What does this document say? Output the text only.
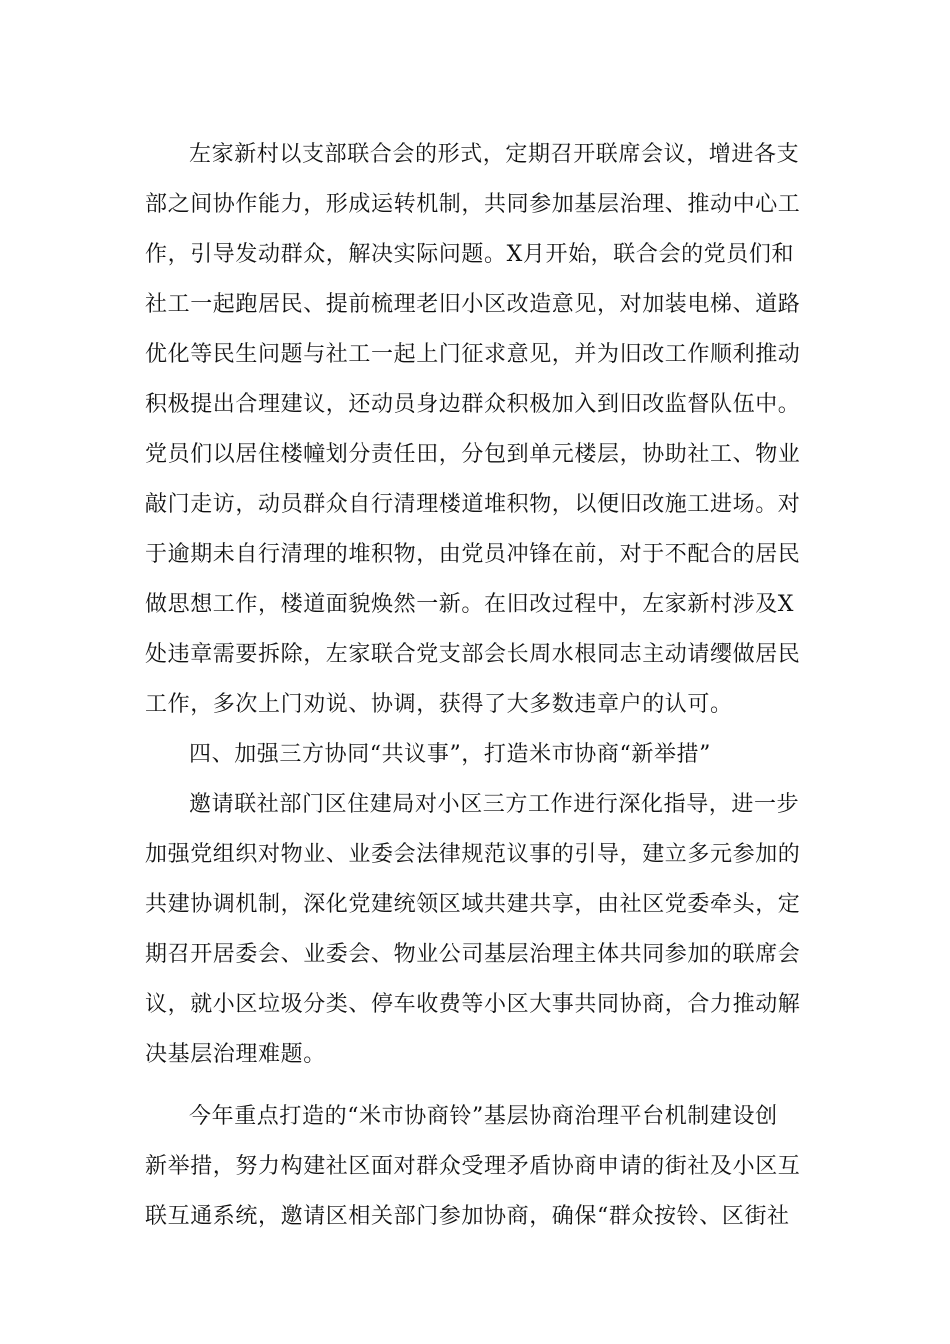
左家新村以支部联合会的形式，定期召开联席会议，增进各支
部之间协作能力，形成运转机制，共同参加基层治理、推动中心工
作，引导发动群众，解决实际问题。X月开始，联合会的党员们和
社工一起跑居民、提前梳理老旧小区改造意见，对加装电梯、道路
优化等民生问题与社工一起上门征求意见，并为旧改工作顺利推动
积极提出合理建议，还动员身边群众积极加入到旧改监督队伍中。
党员们以居住楼幢划分责任田，分包到单元楼层，协助社工、物业
敲门走访，动员群众自行清理楼道堆积物，以便旧改施工进场。对
于逾期未自行清理的堆积物，由党员冲锋在前，对于不配合的居民
做思想工作，楼道面貌焕然一新。在旧改过程中，左家新村涉及X
处违章需要拆除，左家联合党支部会长周水根同志主动请缨做居民
工作，多次上门劝说、协调，获得了大多数违章户的认可。
四、加强三方协同“共议事”，打造米市协商“新举措”
邀请联社部门区住建局对小区三方工作进行深化指导，进一步
加强党组织对物业、业委会法律规范议事的引导，建立多元参加的
共建协调机制，深化党建统领区域共建共享，由社区党委牵头，定
期召开居委会、业委会、物业公司基层治理主体共同参加的联席会
议，就小区垃圾分类、停车收费等小区大事共同协商，合力推动解
决基层治理难题。
今年重点打造的“米市协商铃”基层协商治理平台机制建设创
新举措，努力构建社区面对群众受理矛盾协商申请的街社及小区互
联互通系统，邀请区相关部门参加协商，确保“群众按铃、区街社
